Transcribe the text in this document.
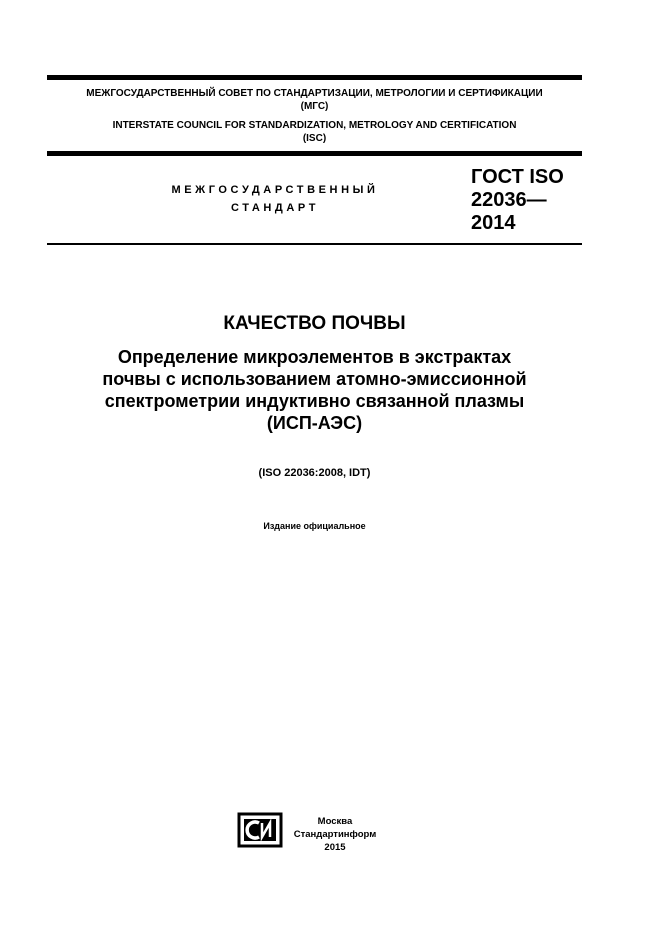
МЕЖГОСУДАРСТВЕННЫЙ СОВЕТ ПО СТАНДАРТИЗАЦИИ, МЕТРОЛОГИИ И СЕРТИФИКАЦИИ
(МГС)
INTERSTATE COUNCIL FOR STANDARDIZATION, METROLOGY AND CERTIFICATION
(ISC)
МЕЖГОСУДАРСТВЕННЫЙ
СТАНДАРТ
ГОСТ ISO
22036—
2014
КАЧЕСТВО ПОЧВЫ
Определение микроэлементов в экстрактах
почвы с использованием атомно-эмиссионной
спектрометрии индуктивно связанной плазмы
(ИСП-АЭС)
(ISO 22036:2008, IDT)
Издание официальное
Москва
Стандартинформ
2015
